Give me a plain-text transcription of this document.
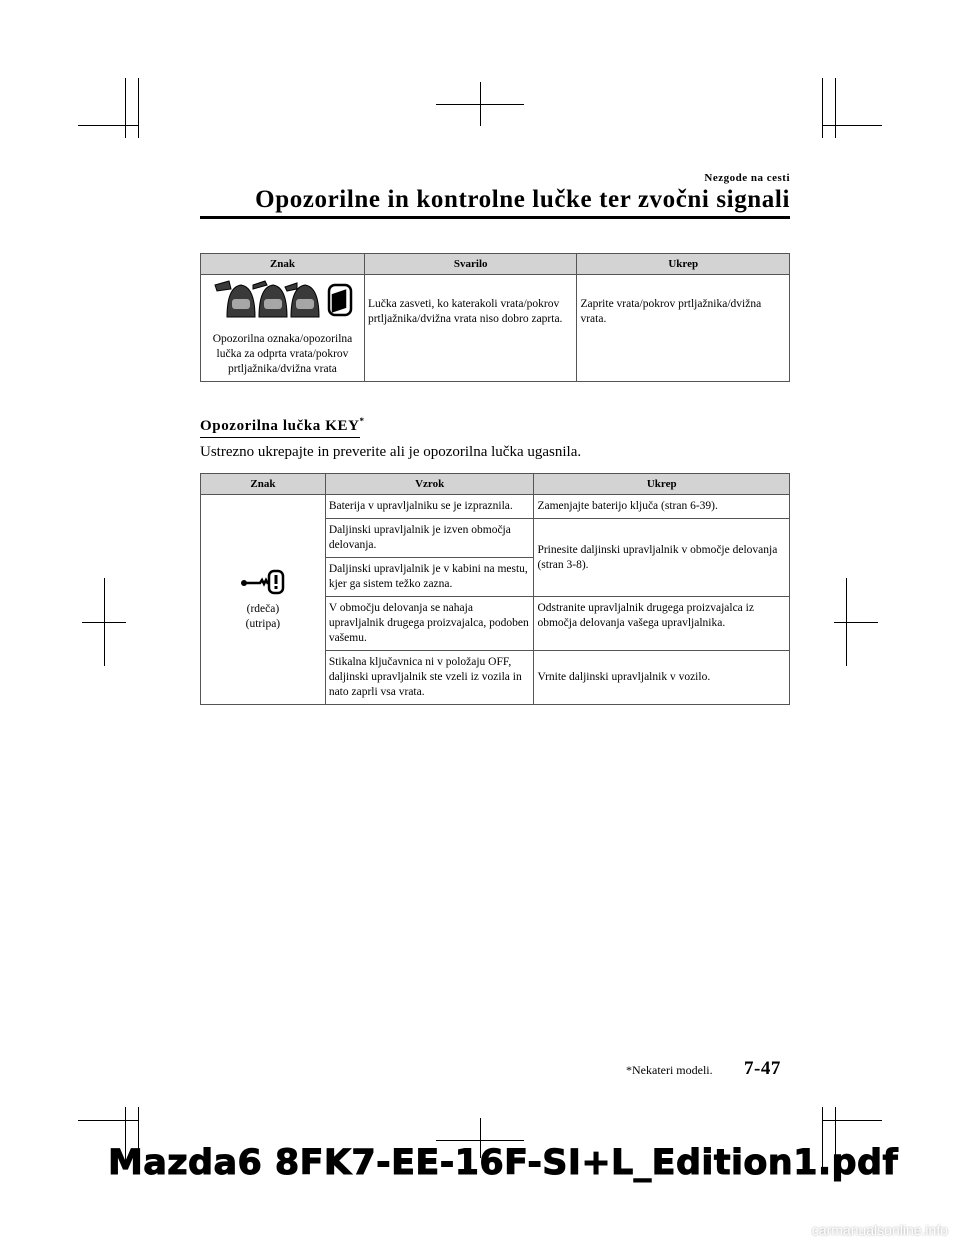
Nezgode na cesti
Opozorilne in kontrolne lučke ter zvočni signali
Znak	Svarilo	Ukrep

Opozorilna oznaka/opozorilna lučka za odprta vrata/pokrov prtljažnika/dvižna vrata	Lučka zasveti, ko katerakoli vrata/pokrov prtljažnika/dvižna vrata niso dobro zaprta.	Zaprite vrata/pokrov prtljažnika/dvižna vrata.
Opozorilna lučka KEY*
Ustrezno ukrepajte in preverite ali je opozorilna lučka ugasnila.
Znak	Vzrok	Ukrep

(rdeča)
(utripa)	Baterija v upravljalniku se je izpraznila.	Zamenjajte baterijo ključa (stran 6-39).
	Daljinski upravljalnik je izven območja delovanja.	Prinesite daljinski upravljalnik v območje delovanja (stran 3-8).
	Daljinski upravljalnik je v kabini na mestu, kjer ga sistem težko zazna.	
	V območju delovanja se nahaja upravljalnik drugega proizvajalca, podoben vašemu.	Odstranite upravljalnik drugega proizvajalca iz območja delovanja vašega upravljalnika.
	Stikalna ključavnica ni v položaju OFF, daljinski upravljalnik ste vzeli iz vozila in nato zaprli vsa vrata.	Vrnite daljinski upravljalnik v vozilo.
*Nekateri modeli. 7-47
Mazda6 8FK7-EE-16F-SI+L_Edition1.pdf
carmanualsonline.info
